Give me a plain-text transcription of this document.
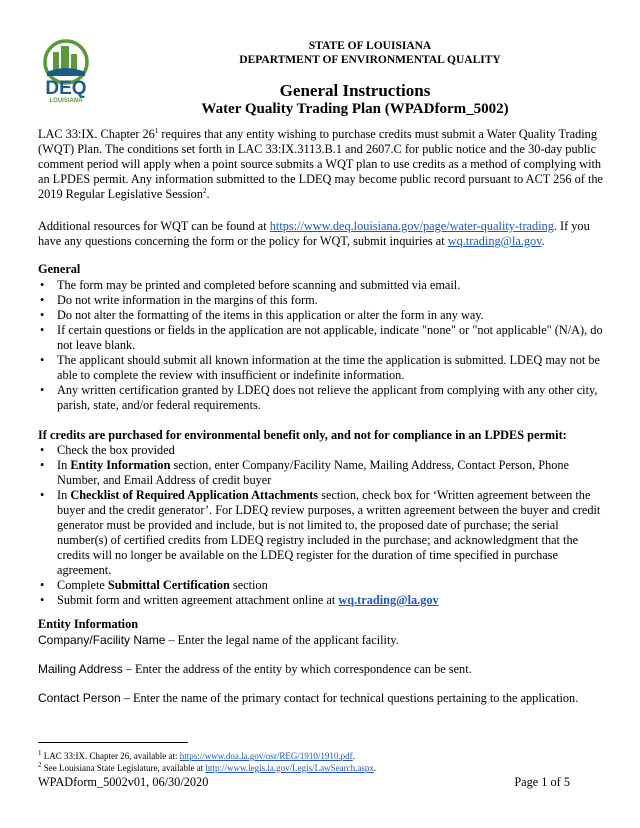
DEQ
LOUISIANA
STATE OF LOUISIANA
DEPARTMENT OF ENVIRONMENTAL QUALITY
General Instructions
Water Quality Trading Plan (WPADform_5002)

LAC 33:IX. Chapter $26^1$ requires that any entity wishing to purchase credits must submit a Water Quality Trading (WQT) Plan. The conditions set forth in LAC 33:IX.3113.B.1 and 2607.C for public notice and the 30-day public comment period will apply when a point source submits a WQT plan to use credits as a method of complying with an LPDES permit. Any information submitted to the LDEQ may become public record pursuant to ACT 256 of the 2019 Regular Legislative Session$^2$.

Additional resources for WQT can be found at https://www.deq.louisiana.gov/page/water-quality-trading. If you have any questions concerning the form or the policy for WQT, submit inquiries at wq.trading@la.gov.

General
• The form may be printed and completed before scanning and submitted via email.
• Do not write information in the margins of this form.
• Do not alter the formatting of the items in this application or alter the form in any way.
• If certain questions or fields in the application are not applicable, indicate "none" or "not applicable" (N/A), do not leave blank.
• The applicant should submit all known information at the time the application is submitted. LDEQ may not be able to complete the review with insufficient or indefinite information.
• Any written certification granted by LDEQ does not relieve the applicant from complying with any other city, parish, state, and/or federal requirements.
If credits are purchased for environmental benefit only, and not for compliance in an LPDES permit:
• Check the box provided
• In Entity Information section, enter Company/Facility Name, Mailing Address, Contact Person, Phone Number, and Email Address of credit buyer
• In Checklist of Required Application Attachments section, check box for ‘Written agreement between the buyer and the credit generator’. For LDEQ review purposes, a written agreement between the buyer and credit generator must be provided and include, but is not limited to, the proposed date of purchase; the serial number(s) of certified credits from LDEQ registry included in the purchase; and acknowledgment that the credits will no longer be available on the LDEQ register for the duration of time specified in purchase agreement.
• Complete Submittal Certification section
• Submit form and written agreement attachment online at wq.trading@la.gov
Entity Information

Company/Facility Name – Enter the legal name of the applicant facility.

Mailing Address – Enter the address of the entity by which correspondence can be sent.

Contact Person – Enter the name of the primary contact for technical questions pertaining to the application.

$^1$ LAC 33:IX. Chapter 26, available at: https://www.doa.la.gov/osr/REG/1910/1910.pdf.
$^2$ See Louisiana State Legislature, available at http://www.legis.la.gov/Legis/LawSearch.aspx.
WPADform_5002v01, 06/30/2020	Page 1 of 5
